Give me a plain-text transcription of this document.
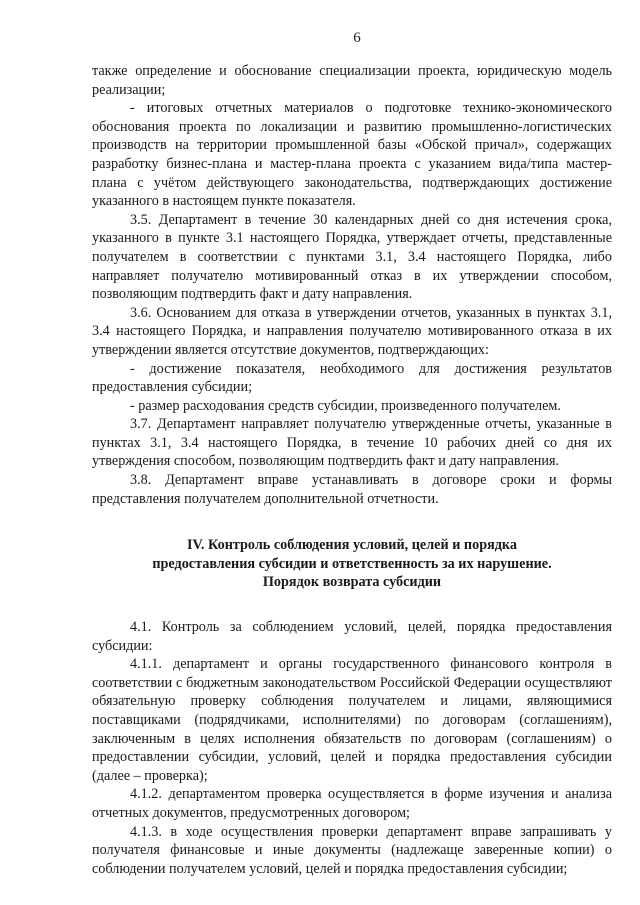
6

также определение и обоснование специализации проекта, юридическую модель реализации;

- итоговых отчетных материалов о подготовке технико-экономического обоснования проекта по локализации и развитию промышленно-логистических производств на территории промышленной базы «Обской причал», содержащих разработку бизнес-плана и мастер-плана проекта с указанием вида/типа мастер-плана с учётом действующего законодательства, подтверждающих достижение указанного в настоящем пункте показателя.

3.5. Департамент в течение 30 календарных дней со дня истечения срока, указанного в пункте 3.1 настоящего Порядка, утверждает отчеты, представленные получателем в соответствии с пунктами 3.1, 3.4 настоящего Порядка, либо направляет получателю мотивированный отказ в их утверждении способом, позволяющим подтвердить факт и дату направления.

3.6. Основанием для отказа в утверждении отчетов, указанных в пунктах 3.1, 3.4 настоящего Порядка, и направления получателю мотивированного отказа в их утверждении является отсутствие документов, подтверждающих:

- достижение показателя, необходимого для достижения результатов предоставления субсидии;

- размер расходования средств субсидии, произведенного получателем.

3.7. Департамент направляет получателю утвержденные отчеты, указанные в пунктах 3.1, 3.4 настоящего Порядка, в течение 10 рабочих дней со дня их утверждения способом, позволяющим подтвердить факт и дату направления.

3.8. Департамент вправе устанавливать в договоре сроки и формы представления получателем дополнительной отчетности.

IV. Контроль соблюдения условий, целей и порядка
предоставления субсидии и ответственность за их нарушение.
Порядок возврата субсидии

4.1. Контроль за соблюдением условий, целей, порядка предоставления субсидии:

4.1.1. департамент и органы государственного финансового контроля в соответствии с бюджетным законодательством Российской Федерации осуществляют обязательную проверку соблюдения получателем и лицами, являющимися поставщиками (подрядчиками, исполнителями) по договорам (соглашениям), заключенным в целях исполнения обязательств по договорам (соглашениям) о предоставлении субсидии, условий, целей и порядка предоставления субсидии (далее – проверка);

4.1.2. департаментом проверка осуществляется в форме изучения и анализа отчетных документов, предусмотренных договором;

4.1.3. в ходе осуществления проверки департамент вправе запрашивать у получателя финансовые и иные документы (надлежаще заверенные копии) о соблюдении получателем условий, целей и порядка предоставления субсидии;
